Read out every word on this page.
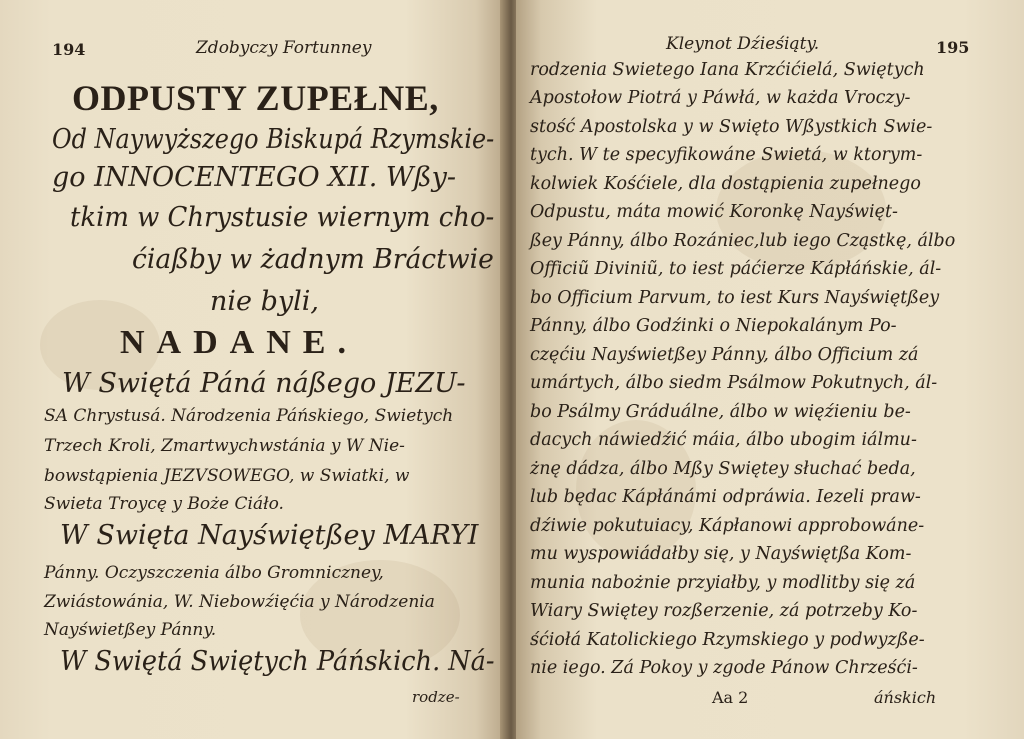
194	Zdobyczy Fortunney
ODPUSTY ZUPEŁNE,
Od Naywyższego Biskupá Rzymskie-
go INNOCENTEGO XII. Wßy-
tkim w Chrystusie wiernym cho-
ćiaßby w żadnym Bráctwie
nie byli,
NADANE.
W Swiętá Páná náßego JEZU-
SA Chrystusá. Národzenia Páńskiego, Swietych
Trzech Kroli, Zmartwychwstánia y W Nie-
bowstąpienia JEZVSOWEGO, w Swiatki, w
Swieta Troycę y Boże Ciáło.
W Swięta Nayświętßey MARYI
Pánny. Oczyszczenia álbo Gromniczney,
Zwiástowánia, W. Niebowźięćia y Národzenia
Nayświetßey Pánny.
W Swiętá Swiętych Páńskich. Ná-
rodze-
Kleynot Dźieśiąty.	195
rodzenia Swietego Iana Krzćićielá, Swiętych
Apostołow Piotrá y Páwłá, w każda Vroczy-
stość Apostolska y w Swięto Wßystkich Swie-
tych. W te specyfikowáne Swietá, w ktorym-
kolwiek Kośćiele, dla dostąpienia zupełnego
Odpustu, máta mowić Koronkę Nayświęt-
ßey Pánny, álbo Rozániec,lub iego Cząstkę, álbo
Officiũ Diviniũ, to iest páćierze Kápłáńskie, ál-
bo Officium Parvum, to iest Kurs Nayświętßey
Pánny, álbo Godźinki o Niepokalánym Po-
częćiu Nayświetßey Pánny, álbo Officium zá
umártych, álbo siedm Psálmow Pokutnych, ál-
bo Psálmy Gráduálne, álbo w więźieniu be-
dacych náwiedźić máia, álbo ubogim iálmu-
żnę dádza, álbo Mßy Swiętey słuchać beda,
lub będac Kápłánámi odpráwia. Iezeli praw-
dźiwie pokutuiacy, Kápłanowi approbowáne-
mu wyspowiádałby się, y Nayświętßa Kom-
munia nabożnie przyiałby, y modlitby się zá
Wiary Swiętey rozßerzenie, zá potrzeby Ko-
śćiołá Katolickiego Rzymskiego y podwyzße-
nie iego. Zá Pokoy y zgode Pánow Chrześći-
Aa 2	áńskich
